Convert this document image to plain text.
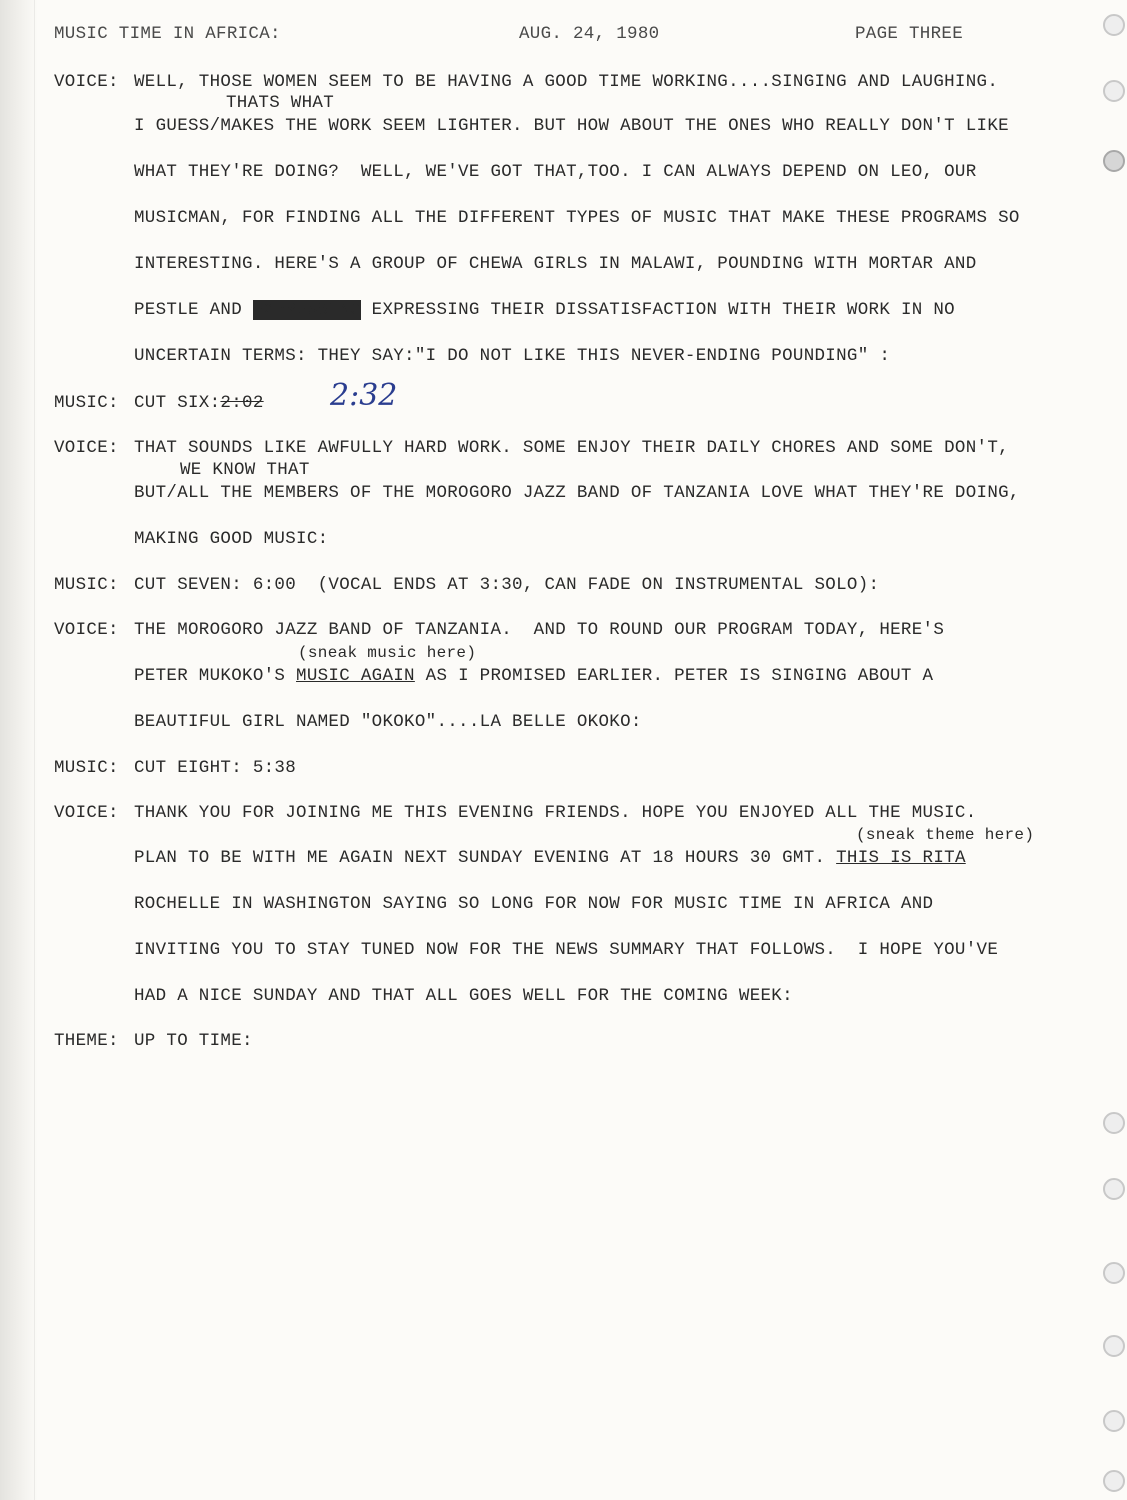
MUSIC TIME IN AFRICA:	AUG. 24, 1980	PAGE THREE
VOICE: WELL, THOSE WOMEN SEEM TO BE HAVING A GOOD TIME WORKING....SINGING AND LAUGHING.
THATS WHAT
I GUESS/MAKES THE WORK SEEM LIGHTER. BUT HOW ABOUT THE ONES WHO REALLY DON'T LIKE
WHAT THEY'RE DOING?  WELL, WE'VE GOT THAT,TOO. I CAN ALWAYS DEPEND ON LEO, OUR
MUSICMAN, FOR FINDING ALL THE DIFFERENT TYPES OF MUSIC THAT MAKE THESE PROGRAMS SO
INTERESTING. HERE'S A GROUP OF CHEWA GIRLS IN MALAWI, POUNDING WITH MORTAR AND
PESTLE AND EXPRESSING EXPRESSING THEIR DISSATISFACTION WITH THEIR WORK IN NO
UNCERTAIN TERMS: THEY SAY:"I DO NOT LIKE THIS NEVER-ENDING POUNDING" :
MUSIC: CUT SIX:2:02 2:32
VOICE: THAT SOUNDS LIKE AWFULLY HARD WORK. SOME ENJOY THEIR DAILY CHORES AND SOME DON'T,
WE KNOW THAT
BUT/ALL THE MEMBERS OF THE MOROGORO JAZZ BAND OF TANZANIA LOVE WHAT THEY'RE DOING,
MAKING GOOD MUSIC:
MUSIC: CUT SEVEN: 6:00  (VOCAL ENDS AT 3:30, CAN FADE ON INSTRUMENTAL SOLO):
VOICE: THE MOROGORO JAZZ BAND OF TANZANIA.  AND TO ROUND OUR PROGRAM TODAY, HERE'S
(sneak music here)
PETER MUKOKO'S MUSIC AGAIN AS I PROMISED EARLIER. PETER IS SINGING ABOUT A
BEAUTIFUL GIRL NAMED "OKOKO"....LA BELLE OKOKO:
MUSIC: CUT EIGHT: 5:38
VOICE: THANK YOU FOR JOINING ME THIS EVENING FRIENDS. HOPE YOU ENJOYED ALL THE MUSIC.
(sneak theme here)
PLAN TO BE WITH ME AGAIN NEXT SUNDAY EVENING AT 18 HOURS 30 GMT. THIS IS RITA
ROCHELLE IN WASHINGTON SAYING SO LONG FOR NOW FOR MUSIC TIME IN AFRICA AND
INVITING YOU TO STAY TUNED NOW FOR THE NEWS SUMMARY THAT FOLLOWS.  I HOPE YOU'VE
HAD A NICE SUNDAY AND THAT ALL GOES WELL FOR THE COMING WEEK:
THEME: UP TO TIME:
